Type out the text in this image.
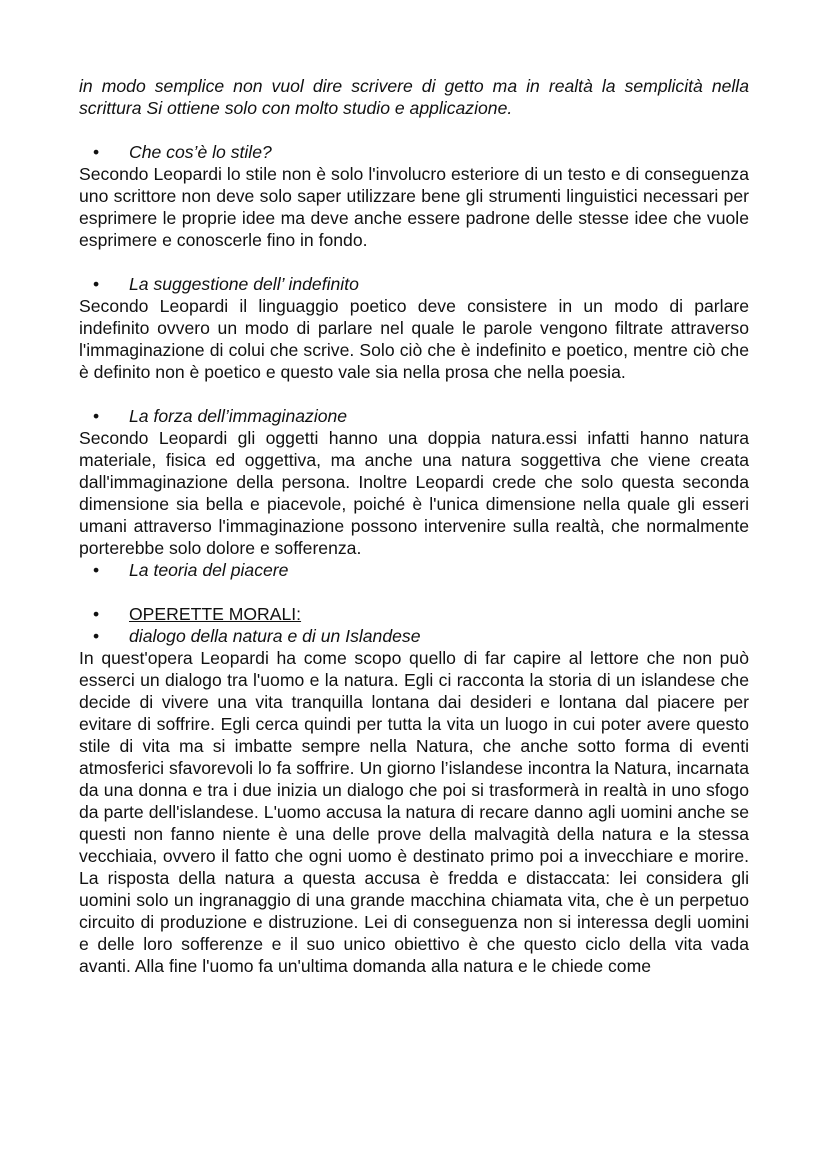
in modo semplice non vuol dire scrivere di getto ma in realtà la semplicità nella scrittura Si ottiene solo con molto studio e applicazione.

• Che cos’è lo stile?

Secondo Leopardi lo stile non è solo l'involucro esteriore di un testo e di conseguenza uno scrittore non deve solo saper utilizzare bene gli strumenti linguistici necessari per esprimere le proprie idee ma deve anche essere padrone delle stesse idee che vuole esprimere e conoscerle fino in fondo.

• La suggestione dell’ indefinito

Secondo Leopardi il linguaggio poetico deve consistere in un modo di parlare indefinito ovvero un modo di parlare nel quale le parole vengono filtrate attraverso l'immaginazione di colui che scrive. Solo ciò che è indefinito e poetico, mentre ciò che è definito non è poetico e questo vale sia nella prosa che nella poesia.

• La forza dell’immaginazione

Secondo Leopardi gli oggetti hanno una doppia natura.essi infatti hanno natura materiale, fisica ed oggettiva, ma anche una natura soggettiva che viene creata dall'immaginazione della persona. Inoltre Leopardi crede che solo questa seconda dimensione sia bella e piacevole, poiché è l'unica dimensione nella quale gli esseri umani attraverso l'immaginazione possono intervenire sulla realtà, che normalmente porterebbe solo dolore e sofferenza.

• La teoria del piacere
• OPERETTE MORALI:
• dialogo della natura e di un Islandese

In quest'opera Leopardi ha come scopo quello di far capire al lettore che non può esserci un dialogo tra l'uomo e la natura. Egli ci racconta la storia di un islandese che decide di vivere una vita tranquilla lontana dai desideri e lontana dal piacere per evitare di soffrire. Egli cerca quindi per tutta la vita un luogo in cui poter avere questo stile di vita ma si imbatte sempre nella Natura, che anche sotto forma di eventi atmosferici sfavorevoli lo fa soffrire. Un giorno l’islandese incontra la Natura, incarnata da una donna e tra i due inizia un dialogo che poi si trasformerà in realtà in uno sfogo da parte dell'islandese. L'uomo accusa la natura di recare danno agli uomini anche se questi non fanno niente è una delle prove della malvagità della natura e la stessa vecchiaia, ovvero il fatto che ogni uomo è destinato primo poi a invecchiare e morire. La risposta della natura a questa accusa è fredda e distaccata: lei considera gli uomini solo un ingranaggio di una grande macchina chiamata vita, che è un perpetuo circuito di produzione e distruzione. Lei di conseguenza non si interessa degli uomini e delle loro sofferenze e il suo unico obiettivo è che questo ciclo della vita vada avanti. Alla fine l'uomo fa un'ultima domanda alla natura e le chiede come
